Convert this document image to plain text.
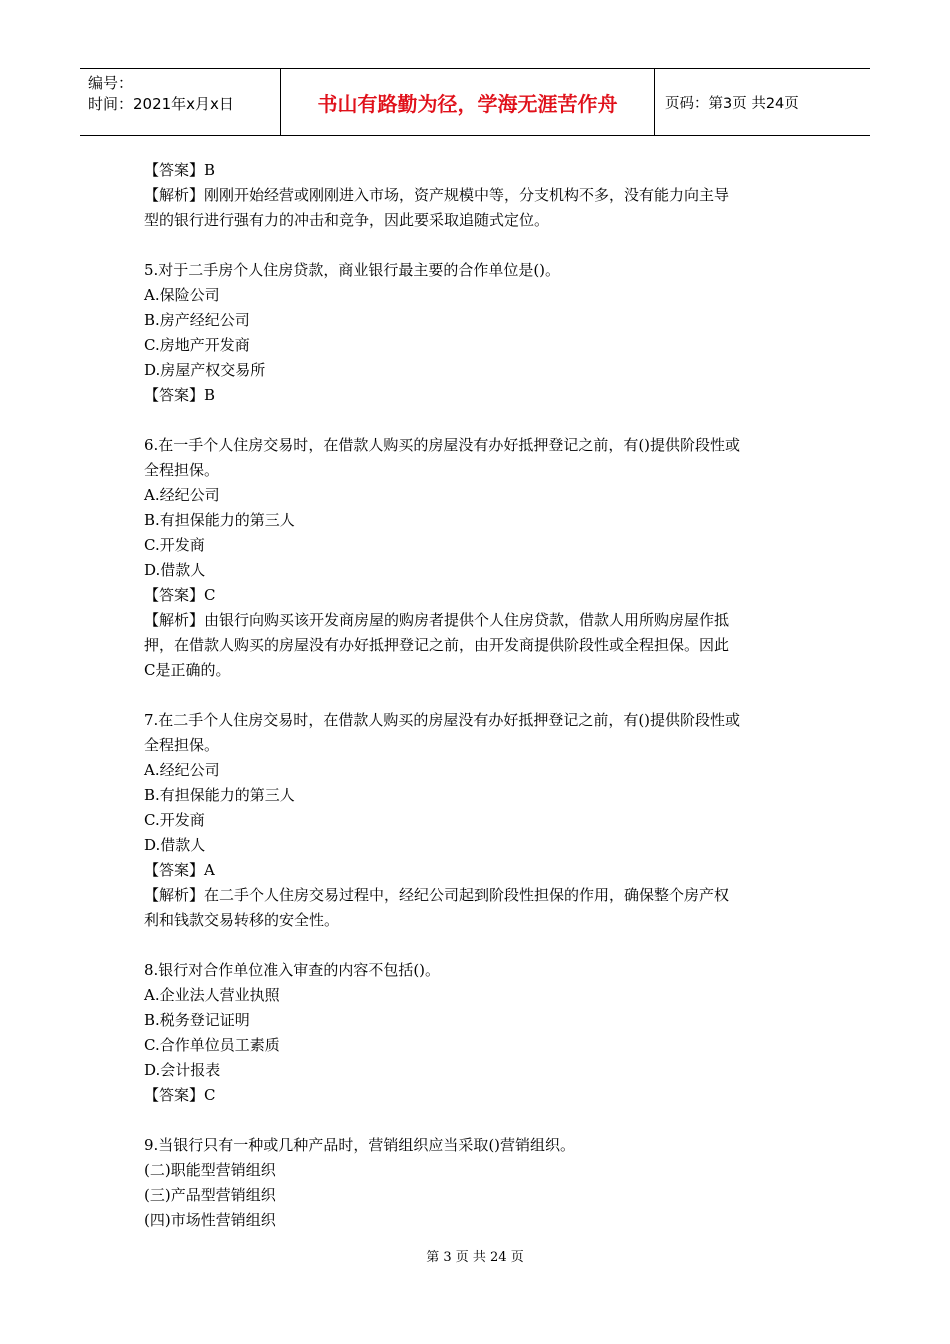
编号：
时间：2021年x月x日	书山有路勤为径，学海无涯苦作舟	页码：第3页 共24页

【答案】B

【解析】刚刚开始经营或刚刚进入市场，资产规模中等，分支机构不多，没有能力向主导

型的银行进行强有力的冲击和竞争，因此要采取追随式定位。

5.对于二手房个人住房贷款，商业银行最主要的合作单位是()。

A.保险公司

B.房产经纪公司

C.房地产开发商

D.房屋产权交易所

【答案】B

6.在一手个人住房交易时，在借款人购买的房屋没有办好抵押登记之前，有()提供阶段性或

全程担保。

A.经纪公司

B.有担保能力的第三人

C.开发商

D.借款人

【答案】C

【解析】由银行向购买该开发商房屋的购房者提供个人住房贷款，借款人用所购房屋作抵

押，在借款人购买的房屋没有办好抵押登记之前，由开发商提供阶段性或全程担保。因此

C是正确的。

7.在二手个人住房交易时，在借款人购买的房屋没有办好抵押登记之前，有()提供阶段性或

全程担保。

A.经纪公司

B.有担保能力的第三人

C.开发商

D.借款人

【答案】A

【解析】在二手个人住房交易过程中，经纪公司起到阶段性担保的作用，确保整个房产权

利和钱款交易转移的安全性。

8.银行对合作单位准入审查的内容不包括()。

A.企业法人营业执照

B.税务登记证明

C.合作单位员工素质

D.会计报表

【答案】C

9.当银行只有一种或几种产品时，营销组织应当采取()营销组织。

(二)职能型营销组织

(三)产品型营销组织

(四)市场性营销组织

第 3 页 共 24 页
